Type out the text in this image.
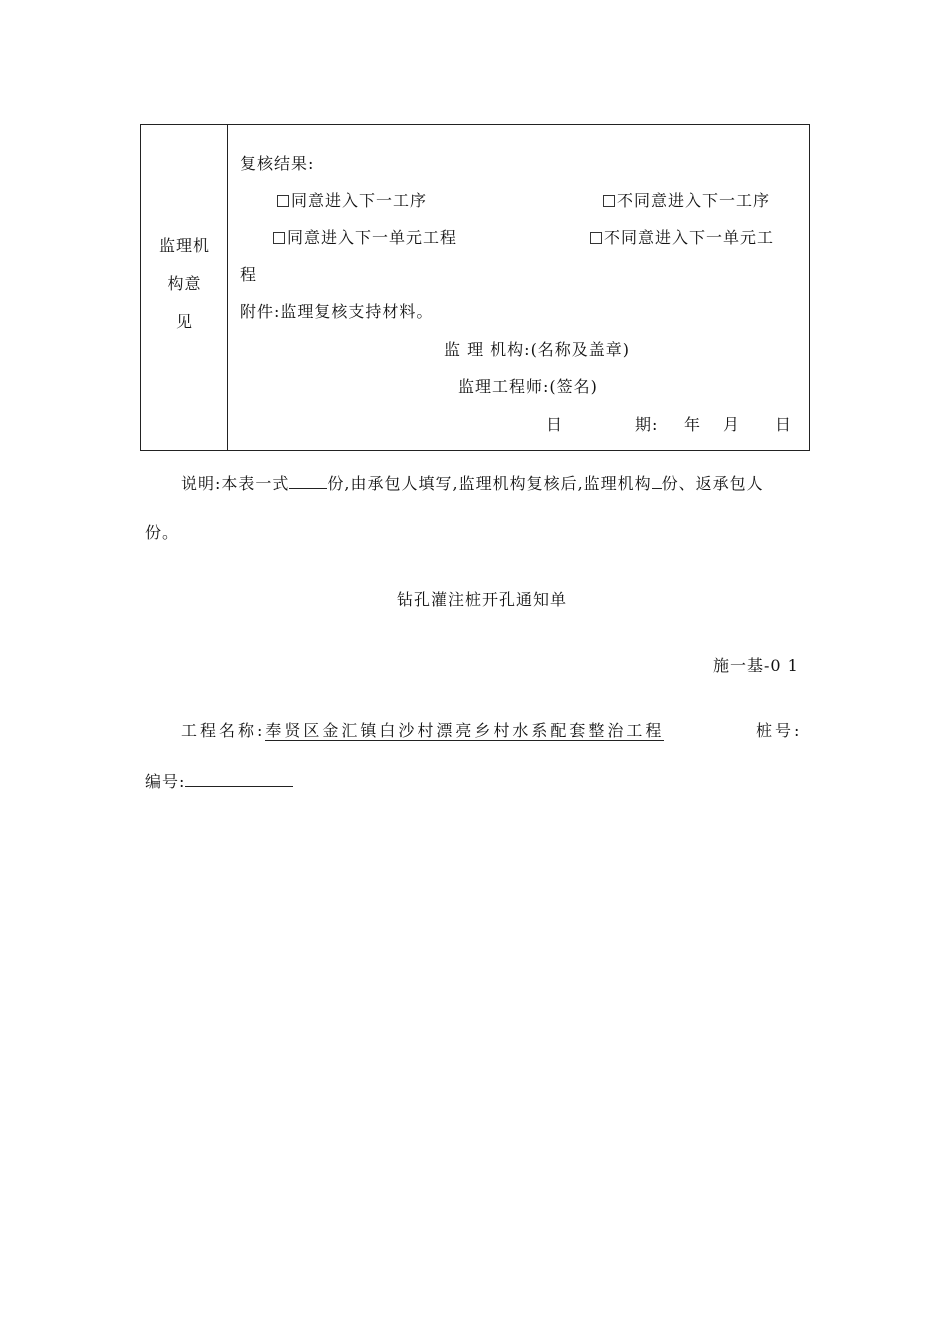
监理机
构意
见
复核结果:
同意进入下一工序	不同意进入下一工序
同意进入下一单元工程	不同意进入下一单元工
程
附件:监理复核支持材料。
监 理 机构:(名称及盖章)
监理工程师:(签名)
日	期: 年 月 日
说明:本表一式 份,由承包人填写,监理机构复核后,监理机构 份、返承包人
份。
钻孔灌注桩开孔通知单
施一基-0 1
工程名称:奉贤区金汇镇白沙村漂亮乡村水系配套整治工程	桩号:
编号:
